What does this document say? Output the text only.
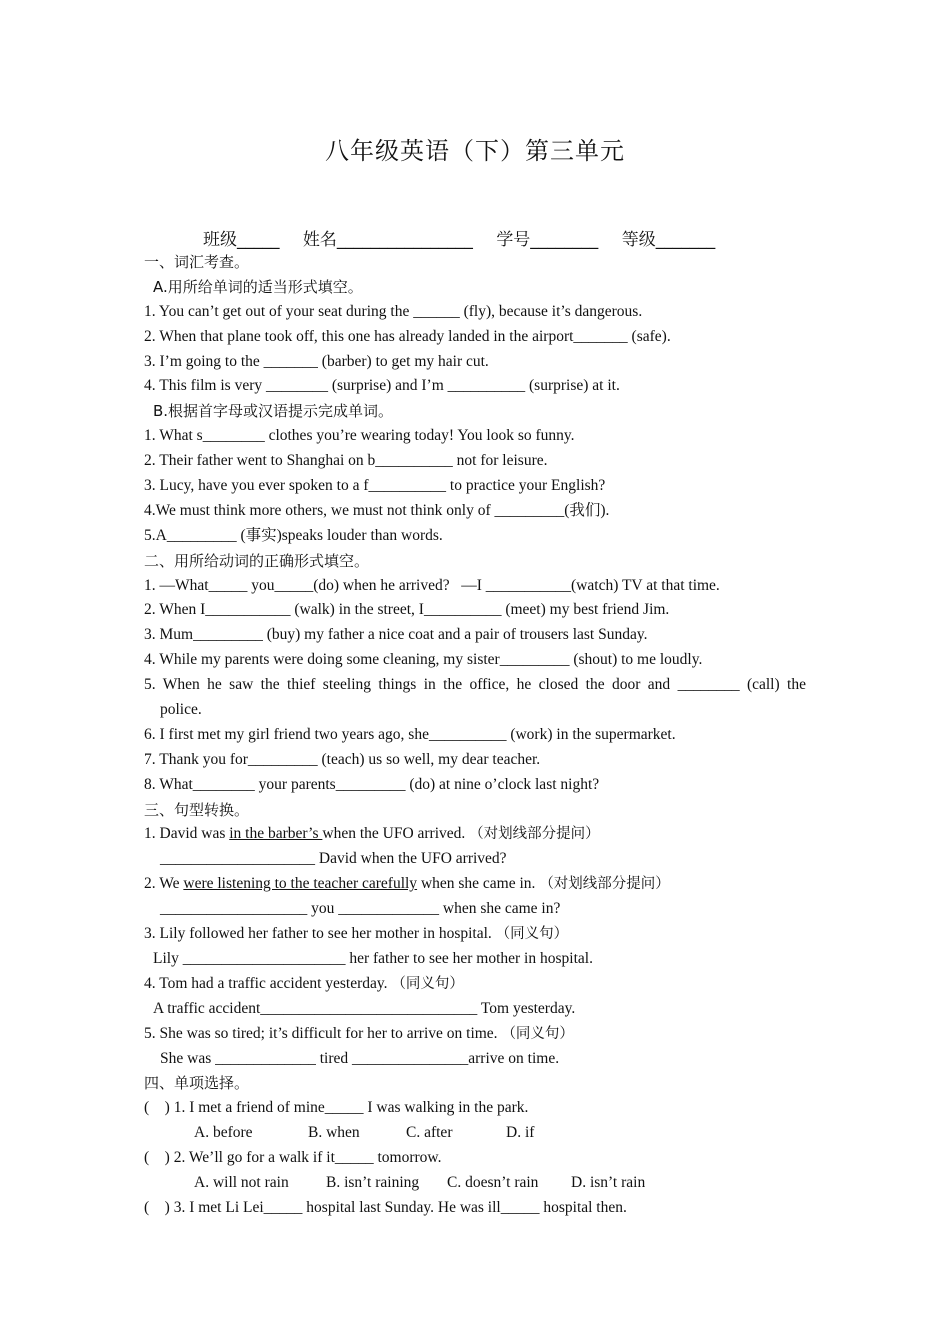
八年级英语（下）第三单元
班级_____ 姓名________________ 学号________ 等级_______
一、词汇考查。
A.用所给单词的适当形式填空。
1. You can’t get out of your seat during the ______ (fly), because it’s dangerous.
2. When that plane took off, this one has already landed in the airport_______ (safe).
3. I’m going to the _______ (barber) to get my hair cut.
4. This film is very ________ (surprise) and I’m __________ (surprise) at it.
B.根据首字母或汉语提示完成单词。
1. What s________ clothes you’re wearing today! You look so funny.
2. Their father went to Shanghai on b__________ not for leisure.
3. Lucy, have you ever spoken to a f__________ to practice your English?
4.We must think more others, we must not think only of _________(我们).
5.A_________ (事实)speaks louder than words.
二、用所给动词的正确形式填空。
1. —What_____ you_____(do) when he arrived?   —I ___________(watch) TV at that time.
2. When I___________ (walk) in the street, I__________ (meet) my best friend Jim.
3. Mum_________ (buy) my father a nice coat and a pair of trousers last Sunday.
4. While my parents were doing some cleaning, my sister_________ (shout) to me loudly.
5. When he saw the thief steeling things in the office, he closed the door and ________ (call) the
police.
6. I first met my girl friend two years ago, she__________ (work) in the supermarket.
7. Thank you for_________ (teach) us so well, my dear teacher.
8. What________ your parents_________ (do) at nine o’clock last night?
三、句型转换。
1. David was in the barber’s when the UFO arrived. （对划线部分提问）
____________________ David when the UFO arrived?
2. We were listening to the teacher carefully when she came in. （对划线部分提问）
___________________ you _____________ when she came in?
3. Lily followed her father to see her mother in hospital. （同义句）
Lily _____________________ her father to see her mother in hospital.
4. Tom had a traffic accident yesterday. （同义句）
A traffic accident____________________________ Tom yesterday.
5. She was so tired; it’s difficult for her to arrive on time. （同义句）
She was _____________ tired _______________arrive on time.
四、单项选择。
(    ) 1. I met a friend of mine_____ I was walking in the park.
A. before	B. when	C. after	D. if
(    ) 2. We’ll go for a walk if it_____ tomorrow.
A. will not rain B. isn’t raining C. doesn’t rain D. isn’t rain
(    ) 3. I met Li Lei_____ hospital last Sunday. He was ill_____ hospital then.
